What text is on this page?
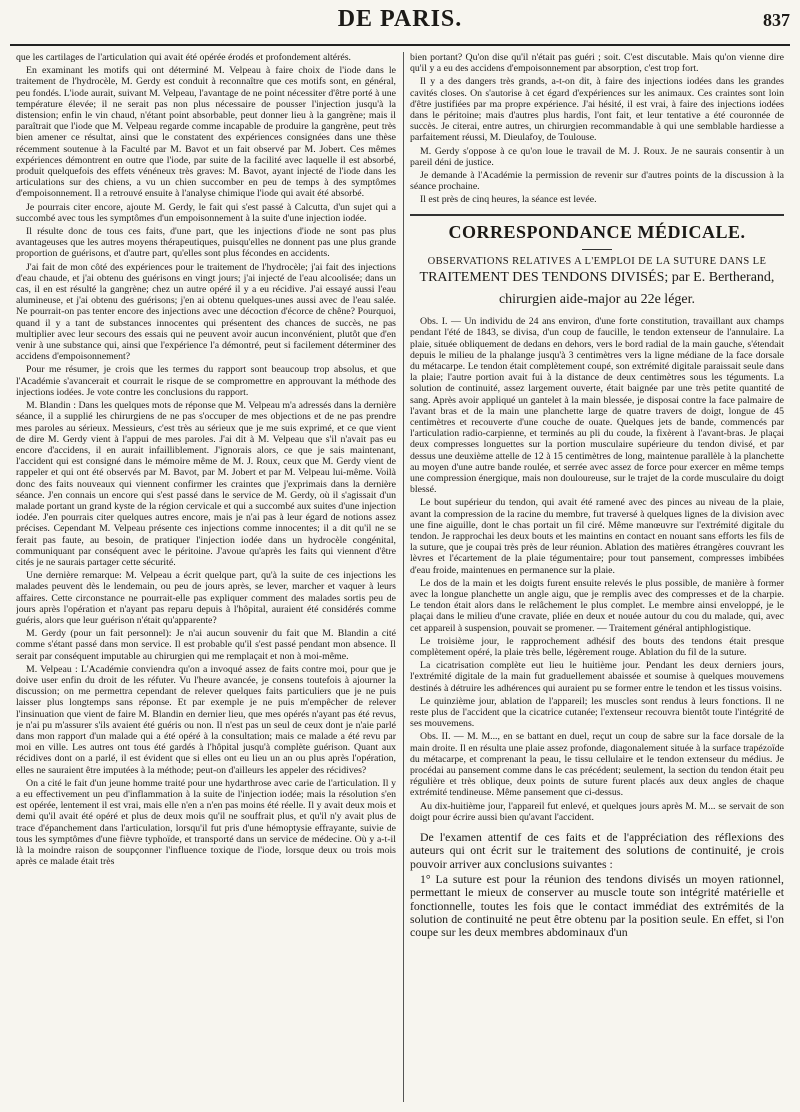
DE PARIS.	837

que les cartilages de l'articulation qui avait été opérée érodés et profondement altérés.

En examinant les motifs qui ont déterminé M. Velpeau à faire choix de l'iode dans le traitement de l'hydrocèle, M. Gerdy est conduit à reconnaître que ces motifs sont, en général, peu fondés. L'iode aurait, suivant M. Velpeau, l'avantage de ne point nécessiter d'être porté à une température élevée; il ne serait pas non plus nécessaire de pousser l'injection jusqu'à la distension; enfin le vin chaud, n'étant point absorbable, peut donner lieu à la gangrène; mais il paraîtrait que l'iode que M. Velpeau regarde comme incapable de produire la gangrène, peut très bien amener ce résultat, ainsi que le constatent des expériences consignées dans une thèse récemment soutenue à la Faculté par M. Bavot et un fait observé par M. Jobert. Ces mêmes expériences démontrent en outre que l'iode, par suite de la facilité avec laquelle il est absorbé, produit quelquefois des effets vénéneux très graves: M. Bavot, ayant injecté de l'iode dans les articulations sur des chiens, a vu un chien succomber en peu de temps à des symptômes d'empoisonnement. Il a retrouvé ensuite à l'analyse chimique l'iode qui avait été absorbé.

Je pourrais citer encore, ajoute M. Gerdy, le fait qui s'est passé à Calcutta, d'un sujet qui a succombé avec tous les symptômes d'un empoisonnement à la suite d'une injection iodée.

Il résulte donc de tous ces faits, d'une part, que les injections d'iode ne sont pas plus avantageuses que les autres moyens thérapeutiques, puisqu'elles ne donnent pas une plus grande proportion de guérisons, et d'autre part, qu'elles sont plus fécondes en accidents.

J'ai fait de mon côté des expériences pour le traitement de l'hydrocèle; j'ai fait des injections d'eau chaude, et j'ai obtenu des guérisons en vingt jours; j'ai injecté de l'eau alcoolisée; dans un cas, il en est résulté la gangrène; chez un autre opéré il y a eu récidive. J'ai essayé aussi l'eau alumineuse, et j'ai obtenu des guérisons; j'en ai obtenu quelques-unes aussi avec de l'eau salée. Ne pourrait-on pas tenter encore des injections avec une décoction d'écorce de chêne? Pourquoi, quand il y a tant de substances innocentes qui présentent des chances de succès, ne pas multiplier avec leur secours des essais qui ne peuvent avoir aucun inconvénient, plutôt que d'en venir à une substance qui, ainsi que l'expérience l'a démontré, peut si facilement déterminer des accidens d'empoisonnement?

Pour me résumer, je crois que les termes du rapport sont beaucoup trop absolus, et que l'Académie s'avancerait et courrait le risque de se compromettre en approuvant la méthode des injections iodées. Je vote contre les conclusions du rapport.

M. Blandin : Dans les quelques mots de réponse que M. Velpeau m'a adressés dans la dernière séance, il a supplié les chirurgiens de ne pas s'occuper de mes objections et de ne pas prendre mes paroles au sérieux. Messieurs, c'est très au sérieux que je me suis exprimé, et ce que vient de dire M. Gerdy vient à l'appui de mes paroles. J'ai dit à M. Velpeau que s'il n'avait pas eu encore d'accidens, il en aurait infailliblement. J'ignorais alors, ce que je sais maintenant, l'accident qui est consigné dans le mémoire même de M. J. Roux, ceux que M. Gerdy vient de rappeler et qui ont été observés par M. Bavot, par M. Jobert et par M. Velpeau lui-même. Voilà donc des faits nouveaux qui viennent confirmer les craintes que j'exprimais dans la dernière séance. J'en connais un encore qui s'est passé dans le service de M. Gerdy, où il s'agissait d'un malade portant un grand kyste de la région cervicale et qui a succombé aux suites d'une injection iodée. J'en pourrais citer quelques autres encore, mais je n'ai pas à leur égard de notions assez précises. Cependant M. Velpeau présente ces injections comme innocentes; il a dit qu'il ne se ferait pas faute, au besoin, de pratiquer l'injection iodée dans un hydrocèle congénital, communiquant par conséquent avec le péritoine. J'avoue qu'après les faits qui viennent d'être cités je ne saurais partager cette sécurité.

Une dernière remarque: M. Velpeau a écrit quelque part, qu'à la suite de ces injections les malades peuvent dès le lendemain, ou peu de jours après, se lever, marcher et vaquer à leurs affaires. Cette circonstance ne pourrait-elle pas expliquer comment des malades sortis peu de jours après l'opération et n'ayant pas reparu depuis à l'hôpital, auraient été considérés comme guéris, alors que leur guérison n'était qu'apparente?

M. Gerdy (pour un fait personnel): Je n'ai aucun souvenir du fait que M. Blandin a cité comme s'étant passé dans mon service. Il est probable qu'il s'est passé pendant mon absence. Il serait par conséquent imputable au chirurgien qui me remplaçait et non à moi-même.

M. Velpeau : L'Académie conviendra qu'on a invoqué assez de faits contre moi, pour que je doive user enfin du droit de les réfuter. Vu l'heure avancée, je consens toutefois à ajourner la discussion; on me permettra cependant de relever quelques faits particuliers que je ne puis laisser plus longtemps sans réponse. Et par exemple je ne puis m'empêcher de relever l'insinuation que vient de faire M. Blandin en dernier lieu, que mes opérés n'ayant pas été revus, je n'ai pu m'assurer s'ils avaient été guéris ou non. Il n'est pas un seul de ceux dont je n'aie parlé dans mon rapport d'un malade qui a été opéré à la consultation; mais ce malade a été revu par moi en ville. Les autres ont tous été gardés à l'hôpital jusqu'à complète guérison. Quant aux récidives dont on a parlé, il est évident que si elles ont eu lieu un an ou plus après l'opération, elles ne sauraient être imputées à la méthode; peut-on d'ailleurs les appeler des récidives?

On a cité le fait d'un jeune homme traité pour une hydarthrose avec carie de l'articulation. Il y a eu effectivement un peu d'inflammation à la suite de l'injection iodée; mais la résolution s'en est opérée, lentement il est vrai, mais elle n'en a n'en pas moins été réelle. Il y avait deux mois et demi qu'il avait été opéré et plus de deux mois qu'il ne souffrait plus, et qu'il n'y avait plus de trace d'épanchement dans l'articulation, lorsqu'il fut pris d'une hémoptysie effrayante, suivie de tous les symptômes d'une fièvre typhoïde, et transporté dans un service de médecine. Où y a-t-il là la moindre raison de soupçonner l'influence toxique de l'iode, lorsque deux ou trois mois après ce malade était très

bien portant? Qu'on dise qu'il n'était pas guéri ; soit. C'est discutable. Mais qu'on vienne dire qu'il y a eu des accidens d'empoisonnement par absorption, c'est trop fort.

Il y a des dangers très grands, a-t-on dit, à faire des injections iodées dans les grandes cavités closes. On s'autorise à cet égard d'expériences sur les animaux. Ces craintes sont loin d'être justifiées par ma propre expérience. J'ai hésité, il est vrai, à faire des injections iodées dans le péritoine; mais d'autres plus hardis, l'ont fait, et leur tentative a été couronnée de succès. Je citerai, entre autres, un chirurgien recommandable à qui une semblable hardiesse a parfaitement réussi, M. Dieulafoy, de Toulouse.

M. Gerdy s'oppose à ce qu'on loue le travail de M. J. Roux. Je ne saurais consentir à un pareil déni de justice.

Je demande à l'Académie la permission de revenir sur d'autres points de la discussion à la séance prochaine.

Il est près de cinq heures, la séance est levée.

CORRESPONDANCE MÉDICALE.
OBSERVATIONS RELATIVES A L'EMPLOI DE LA SUTURE DANS LE
TRAITEMENT DES TENDONS DIVISÉS; par E. Bertherand,
chirurgien aide-major au 22e léger.

Obs. I. — Un individu de 24 ans environ, d'une forte constitution, travaillant aux champs pendant l'été de 1843, se divisa, d'un coup de faucille, le tendon extenseur de l'annulaire. La plaie, située obliquement de dedans en dehors, vers le bord radial de la main gauche, s'étendait depuis le milieu de la phalange jusqu'à 3 centimètres vers la ligne médiane de la face dorsale du métacarpe. Le tendon était complètement coupé, son extrémité digitale paraissait seule dans la plaie; l'autre portion avait fui à la distance de deux centimètres sous les téguments. La solution de continuité, assez largement ouverte, était baignée par une très petite quantité de sang. Après avoir appliqué un gantelet à la main blessée, je disposai contre la face palmaire de l'avant bras et de la main une planchette large de quatre travers de doigt, longue de 45 centimètres et recouverte d'une couche de ouate. Quelques jets de bande, commencés par l'articulation radio-carpienne, et terminés au pli du coude, la fixèrent à l'avant-bras. Je plaçai deux compresses longuettes sur la portion musculaire supérieure du tendon divisé, et par dessus une deuxième attelle de 12 à 15 centimètres de long, maintenue parallèle à la planchette au moyen d'une autre bande roulée, et serrée avec assez de force pour exercer en même temps une compression énergique, mais non douloureuse, sur le trajet de la corde musculaire du doigt blessé.

Le bout supérieur du tendon, qui avait été ramené avec des pinces au niveau de la plaie, avant la compression de la racine du membre, fut traversé à quelques lignes de la division avec une fine aiguille, dont le chas portait un fil ciré. Même manœuvre sur l'extrémité digitale du tendon. Je rapprochai les deux bouts et les maintins en contact en nouant sans efforts les fils de la suture, que je coupai très près de leur réunion. Ablation des matières étrangères couvrant les lèvres et l'écartement de la plaie tégumentaire; pour tout pansement, compresses imbibées d'eau froide, maintenues en permanence sur la plaie.

Le dos de la main et les doigts furent ensuite relevés le plus possible, de manière à former avec la longue planchette un angle aigu, que je remplis avec des compresses et de la charpie. Le tendon était alors dans le relâchement le plus complet. Le membre ainsi enveloppé, je le plaçai dans le milieu d'une cravate, pliée en deux et nouée autour du cou du malade, qui, avec cet appareil à suspension, pouvait se promener. — Traitement général antiphlogistique.

Le troisième jour, le rapprochement adhésif des bouts des tendons était presque complètement opéré, la plaie très belle, légèrement rouge. Ablation du fil de la suture.

La cicatrisation complète eut lieu le huitième jour. Pendant les deux derniers jours, l'extrémité digitale de la main fut graduellement abaissée et soumise à quelques mouvemens destinés à détruire les adhérences qui auraient pu se former entre le tendon et les tissus voisins.

Le quinzième jour, ablation de l'appareil; les muscles sont rendus à leurs fonctions. Il ne reste plus de l'accident que la cicatrice cutanée; l'extenseur recouvra bientôt toute l'intégrité de ses mouvemens.

Obs. II. — M. M..., en se battant en duel, reçut un coup de sabre sur la face dorsale de la main droite. Il en résulta une plaie assez profonde, diagonalement située à la surface trapézoïde du métacarpe, et comprenant la peau, le tissu cellulaire et le tendon extenseur du médius. Je procédai au pansement comme dans le cas précédent; seulement, la section du tendon était peu régulière et très oblique, deux points de suture furent placés aux deux angles de chaque extrémité tendineuse. Même pansement que ci-dessus.

Au dix-huitième jour, l'appareil fut enlevé, et quelques jours après M. M... se servait de son doigt pour écrire aussi bien qu'avant l'accident.

De l'examen attentif de ces faits et de l'appréciation des réflexions des auteurs qui ont écrit sur le traitement des solutions de continuité, je crois pouvoir arriver aux conclusions suivantes :

1° La suture est pour la réunion des tendons divisés un moyen rationnel, permettant le mieux de conserver au muscle toute son intégrité matérielle et fonctionnelle, toutes les fois que le contact immédiat des extrémités de la solution de continuité ne peut être obtenu par la position seule. En effet, si l'on coupe sur les deux membres abdominaux d'un
